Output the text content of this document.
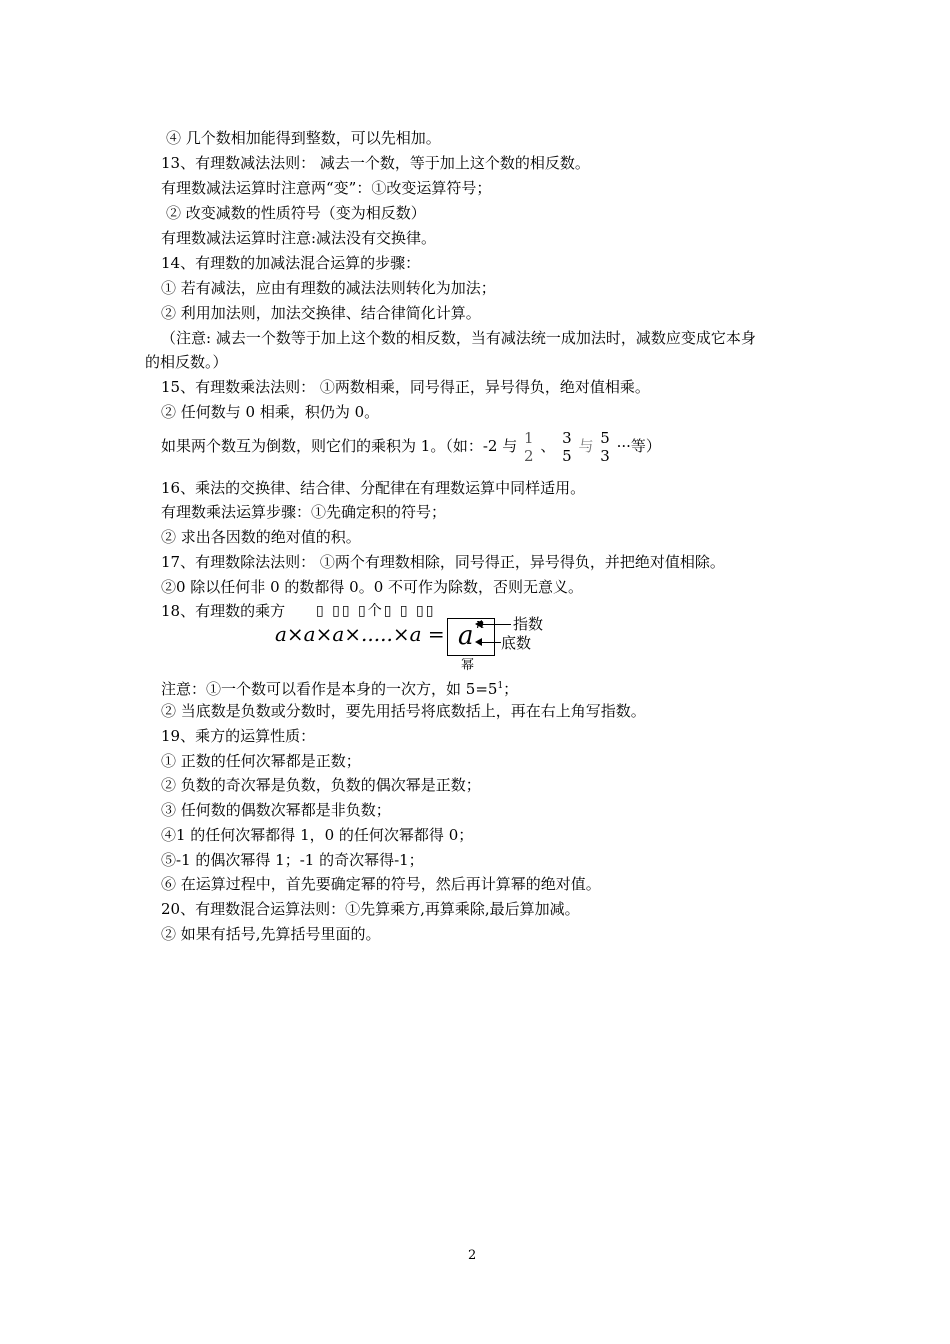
④ 几个数相加能得到整数，可以先相加。
13、有理数减法法则： 减去一个数，等于加上这个数的相反数。
有理数减法运算时注意两“变”：①改变运算符号；
② 改变减数的性质符号（变为相反数）
有理数减法运算时注意:减法没有交换律。
14、有理数的加减法混合运算的步骤：
① 若有减法，应由有理数的减法法则转化为加法；
② 利用加法则，加法交换律、结合律简化计算。
（注意: 减去一个数等于加上这个数的相反数，当有减法统一成加法时，减数应变成它本身
的相反数。）
15、有理数乘法法则： ①两数相乘，同号得正，异号得负，绝对值相乘。
② 任何数与 0 相乘，积仍为 0。
如果两个数互为倒数，则它们的乘积为 1。（如：-2 与 1
2
、 3
5
与 5
3
···等）
16、乘法的交换律、结合律、分配律在有理数运算中同样适用。
有理数乘法运算步骤：①先确定积的符号；
② 求出各因数的绝对值的积。
17、有理数除法法则： ①两个有理数相除，同号得正，异号得负，并把绝对值相除。
②0 除以任何非 0 的数都得 0。0 不可作为除数，否则无意义。
18、有理数的乘方 ▯ ▯▯ ▯个▯ ▯ ▯▯
a×a×a×.....×a = a	指数
底数
幂
注意：①一个数可以看作是本身的一次方，如 $5=5^1$；
② 当底数是负数或分数时，要先用括号将底数括上，再在右上角写指数。
19、乘方的运算性质：
① 正数的任何次幂都是正数；
② 负数的奇次幂是负数，负数的偶次幂是正数；
③ 任何数的偶数次幂都是非负数；
④1 的任何次幂都得 1，0 的任何次幂都得 0；
⑤-1 的偶次幂得 1；-1 的奇次幂得-1；
⑥ 在运算过程中，首先要确定幂的符号，然后再计算幂的绝对值。
20、有理数混合运算法则：①先算乘方,再算乘除,最后算加减。
② 如果有括号,先算括号里面的。
2
